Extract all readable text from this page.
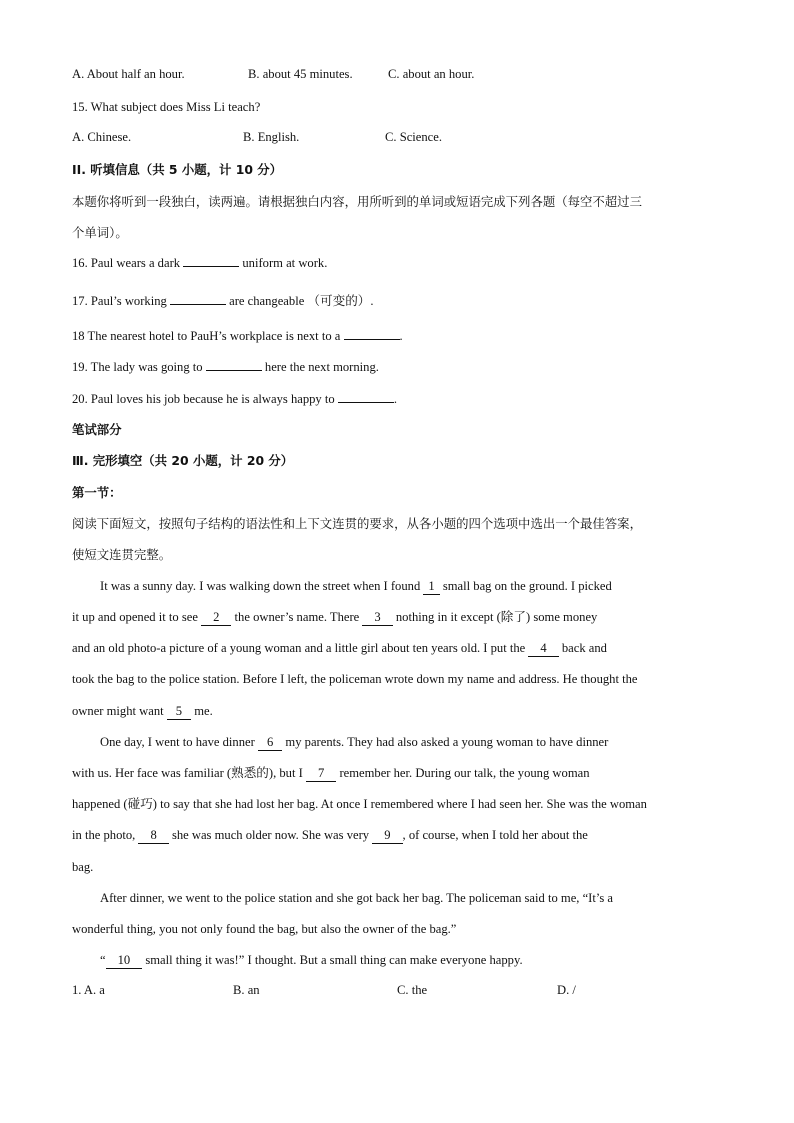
A. About half an hour.	B. about 45 minutes.	C. about an hour.
15. What subject does Miss Li teach?
A. Chinese.	B. English.	C. Science.
II. 听填信息（共 5 小题，计 10 分）
本题你将听到一段独白，读两遍。请根据独白内容，用所听到的单词或短语完成下列各题（每空不超过三
个单词）。
16. Paul wears a dark	uniform at work.
17. Paul’s working	are changeable （可变的）.
18 The nearest hotel to PauH’s workplace is next to a	.
19. The lady was going to	here the next morning.
20. Paul loves his job because he is always happy to	.
笔试部分
Ⅲ. 完形填空（共 20 小题，计 20 分）
第一节：
阅读下面短文，按照句子结构的语法性和上下文连贯的要求，从各小题的四个选项中选出一个最佳答案，
使短文连贯完整。
It was a sunny day. I was walking down the street when I found 1 small bag on the ground. I picked
it up and opened it to see 2 the owner’s name. There 3 nothing in it except (除了) some money
and an old photo-a picture of a young woman and a little girl about ten years old. I put the 4 back and
took the bag to the police station. Before I left, the policeman wrote down my name and address. He thought the
owner might want 5 me.
One day, I went to have dinner 6 my parents. They had also asked a young woman to have dinner
with us. Her face was familiar (熟悉的), but I 7 remember her. During our talk, the young woman
happened (碰巧) to say that she had lost her bag. At once I remembered where I had seen her. She was the woman
in the photo, 8 she was much older now. She was very 9 , of course, when I told her about the
bag.
After dinner, we went to the police station and she got back her bag. The policeman said to me, “It’s a
wonderful thing, you not only found the bag, but also the owner of the bag.”
“ 10 small thing it was!” I thought. But a small thing can make everyone happy.
1. A. a	B. an	C. the	D. /
